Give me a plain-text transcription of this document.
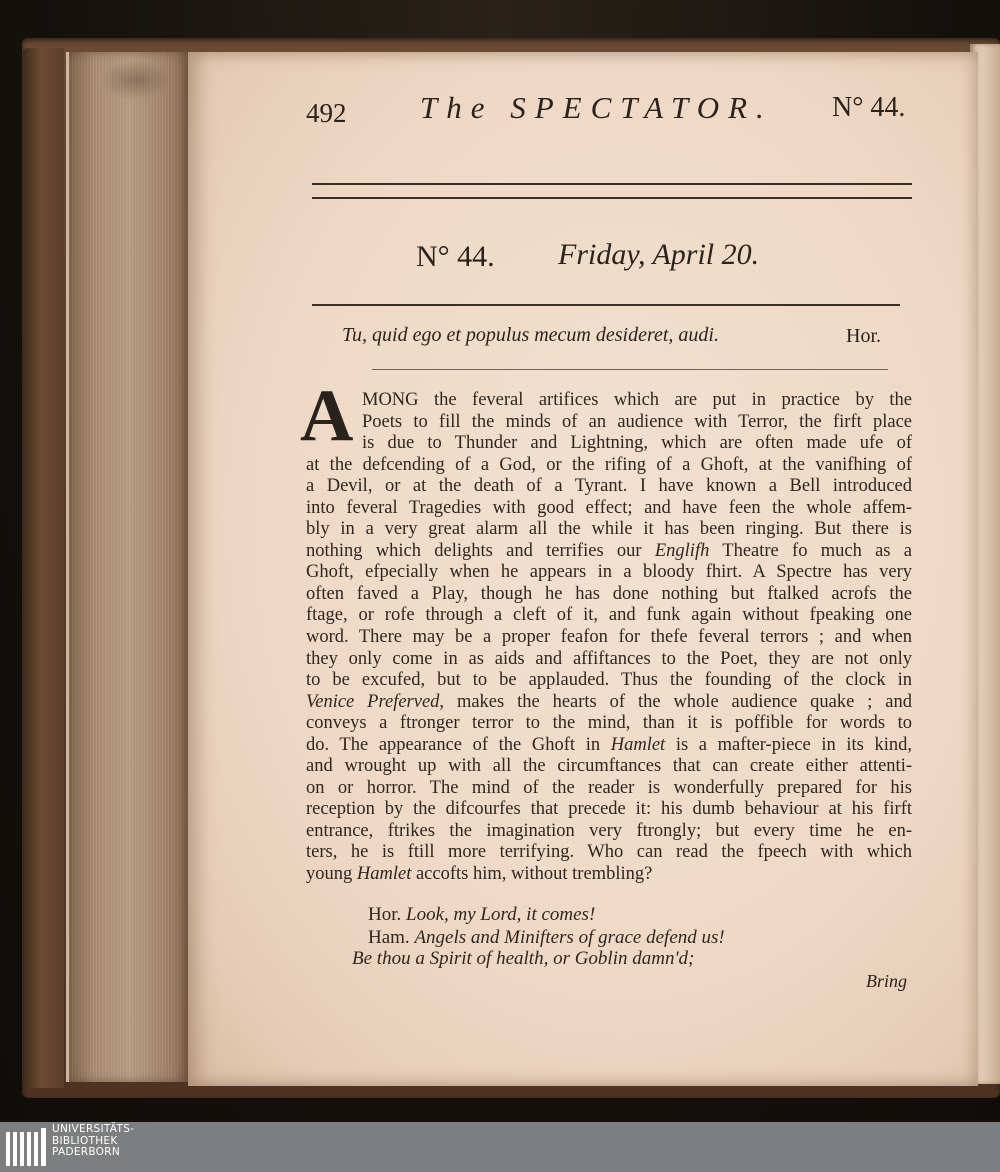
492 The SPECTATOR. N° 44.
N° 44. Friday, April 20.
Tu, quid ego et populus mecum desideret, audi.	Hor.
A MONG the feveral artifices which are put in practice by the
Poets to fill the minds of an audience with Terror, the firft place
is due to Thunder and Lightning, which are often made ufe of
at the defcending of a God, or the rifing of a Ghoft, at the vanifhing of
a Devil, or at the death of a Tyrant. I have known a Bell introduced
into feveral Tragedies with good effect; and have feen the whole affem-
bly in a very great alarm all the while it has been ringing. But there is
nothing which delights and terrifies our Englifh Theatre fo much as a
Ghoft, efpecially when he appears in a bloody fhirt. A Spectre has very
often faved a Play, though he has done nothing but ftalked acrofs the
ftage, or rofe through a cleft of it, and funk again without fpeaking one
word. There may be a proper feafon for thefe feveral terrors ; and when
they only come in as aids and affiftances to the Poet, they are not only
to be excufed, but to be applauded. Thus the founding of the clock in
Venice Preferved, makes the hearts of the whole audience quake ; and
conveys a ftronger terror to the mind, than it is poffible for words to
do. The appearance of the Ghoft in Hamlet is a mafter-piece in its kind,
and wrought up with all the circumftances that can create either attenti-
on or horror. The mind of the reader is wonderfully prepared for his
reception by the difcourfes that precede it: his dumb behaviour at his firft
entrance, ftrikes the imagination very ftrongly; but every time he en-
ters, he is ftill more terrifying. Who can read the fpeech with which
young Hamlet accofts him, without trembling?
Hor. Look, my Lord, it comes!
Ham. Angels and Minifters of grace defend us!
Be thou a Spirit of health, or Goblin damn'd;
Bring
UNIVERSITÄTS-
BIBLIOTHEK
PADERBORN
